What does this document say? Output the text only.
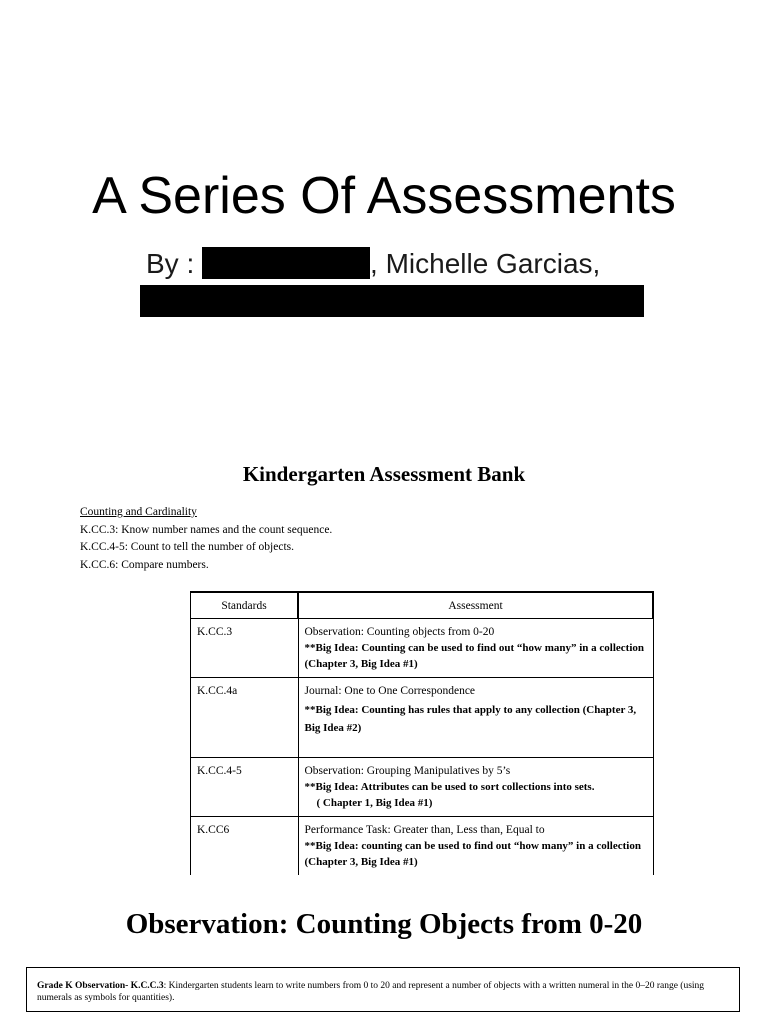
A Series Of Assessments
By :	, Michelle Garcias,
Kindergarten Assessment Bank
Counting and Cardinality
K.CC.3: Know number names and the count sequence.
K.CC.4-5: Count to tell the number of objects.
K.CC.6: Compare numbers.
Standards	Assessment
K.CC.3	Observation: Counting objects from 0-20
**Big Idea: Counting can be used to find out “how many” in a collection (Chapter 3, Big Idea #1)

K.CC.4a	Journal: One to One Correspondence
**Big Idea: Counting has rules that apply to any collection (Chapter 3, Big Idea #2)

K.CC.4-5	Observation: Grouping Manipulatives by 5’s
**Big Idea: Attributes can be used to sort collections into sets.
( Chapter 1, Big Idea #1)

K.CC6	Performance Task: Greater than, Less than, Equal to
**Big Idea: counting can be used to find out “how many” in a collection (Chapter 3, Big Idea #1)
Observation: Counting Objects from 0-20
Grade K Observation- K.C.C.3: Kindergarten students learn to write numbers from 0 to 20 and represent a number of objects with a written numeral in the 0–20 range (using numerals as symbols for quantities).
